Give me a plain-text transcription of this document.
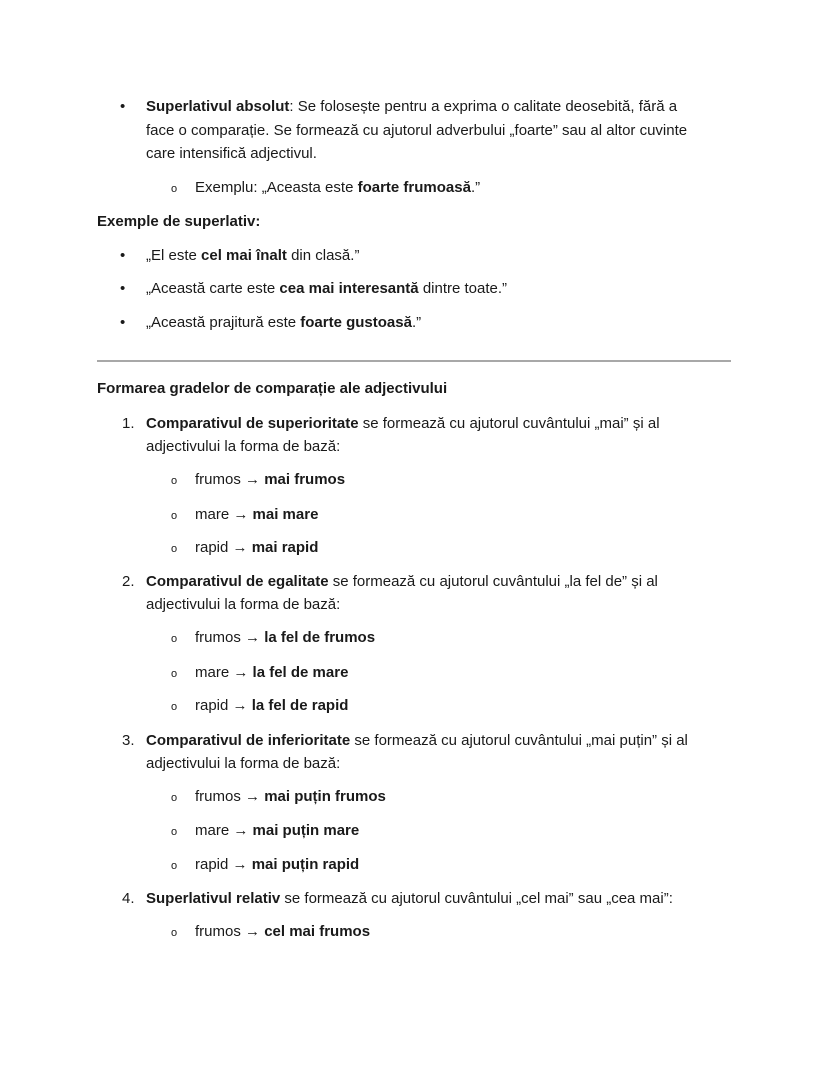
• Superlativul absolut: Se folosește pentru a exprima o calitate deosebită, fără a

face o comparație. Se formează cu ajutorul adverbului „foarte” sau al altor cuvinte

care intensifică adjectivul.

o Exemplu: „Aceasta este foarte frumoasă.”

Exemple de superlativ:

• „El este cel mai înalt din clasă.”

• „Această carte este cea mai interesantă dintre toate.”

• „Această prajitură este foarte gustoasă.”

Formarea gradelor de comparație ale adjectivului

1. Comparativul de superioritate se formează cu ajutorul cuvântului „mai” și al

adjectivului la forma de bază:

o frumos → mai frumos

o mare → mai mare

o rapid → mai rapid

2. Comparativul de egalitate se formează cu ajutorul cuvântului „la fel de” și al

adjectivului la forma de bază:

o frumos → la fel de frumos

o mare → la fel de mare

o rapid → la fel de rapid

3. Comparativul de inferioritate se formează cu ajutorul cuvântului „mai puțin” și al

adjectivului la forma de bază:

o frumos → mai puțin frumos

o mare → mai puțin mare

o rapid → mai puțin rapid

4. Superlativul relativ se formează cu ajutorul cuvântului „cel mai” sau „cea mai”:

o frumos → cel mai frumos
